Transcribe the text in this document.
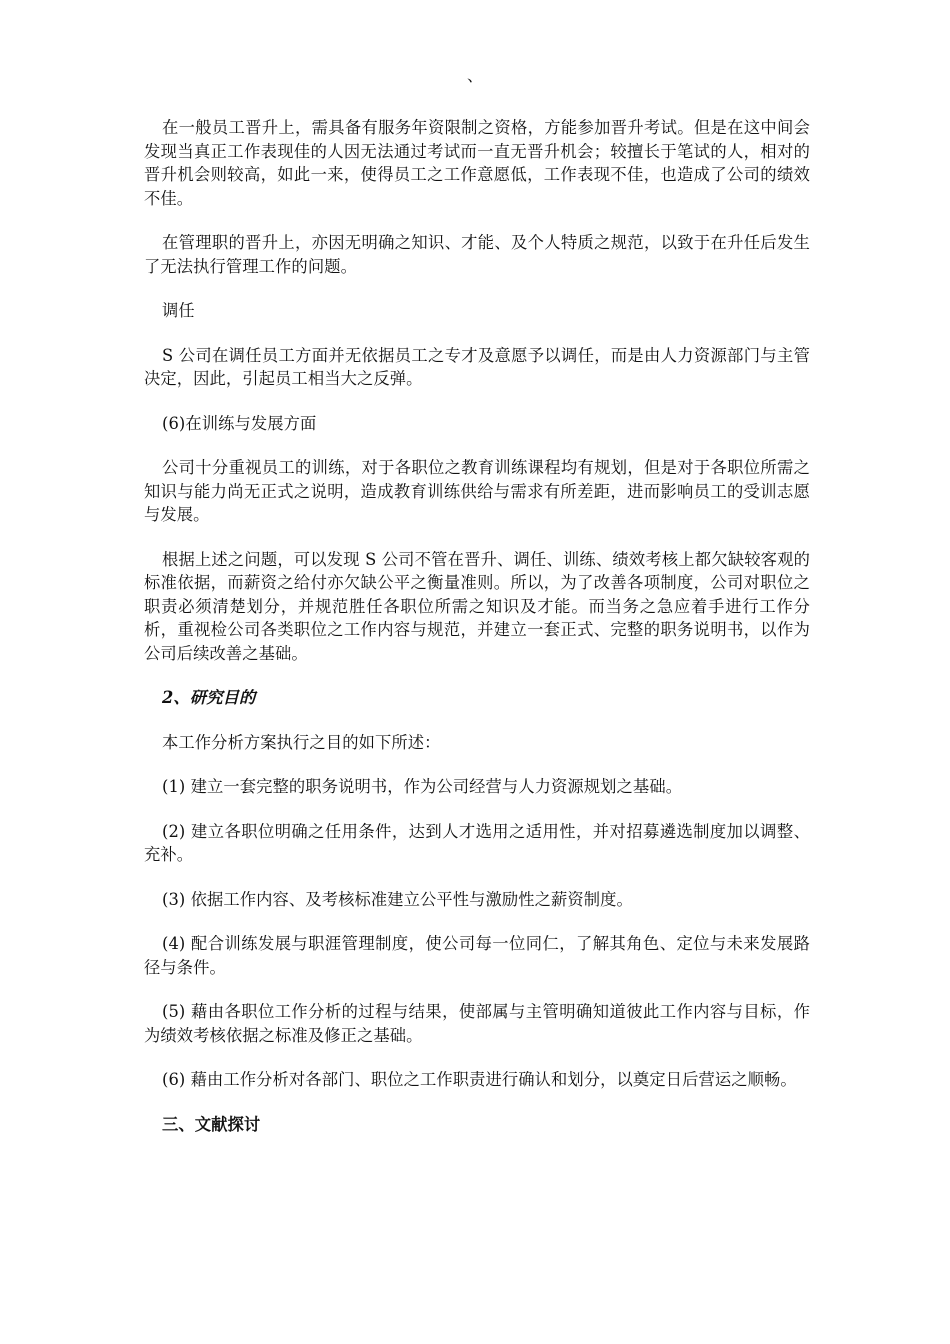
、

在一般员工晋升上，需具备有服务年资限制之资格，方能参加晋升考试。但是在这中间会发现当真正工作表现佳的人因无法通过考试而一直无晋升机会；较擅长于笔试的人，相对的晋升机会则较高，如此一来，使得员工之工作意愿低，工作表现不佳，也造成了公司的绩效不佳。

在管理职的晋升上，亦因无明确之知识、才能、及个人特质之规范，以致于在升任后发生了无法执行管理工作的问题。

调任

S 公司在调任员工方面并无依据员工之专才及意愿予以调任，而是由人力资源部门与主管决定，因此，引起员工相当大之反弹。

(6)在训练与发展方面

公司十分重视员工的训练，对于各职位之教育训练课程均有规划，但是对于各职位所需之知识与能力尚无正式之说明，造成教育训练供给与需求有所差距，进而影响员工的受训志愿与发展。

根据上述之问题，可以发现 S 公司不管在晋升、调任、训练、绩效考核上都欠缺较客观的标准依据，而薪资之给付亦欠缺公平之衡量准则。所以，为了改善各项制度，公司对职位之职责必须清楚划分，并规范胜任各职位所需之知识及才能。而当务之急应着手进行工作分析，重视检公司各类职位之工作内容与规范，并建立一套正式、完整的职务说明书，以作为公司后续改善之基础。

2、研究目的

本工作分析方案执行之目的如下所述：

(1) 建立一套完整的职务说明书，作为公司经营与人力资源规划之基础。

(2) 建立各职位明确之任用条件，达到人才选用之适用性，并对招募遴选制度加以调整、充补。

(3) 依据工作内容、及考核标准建立公平性与激励性之薪资制度。

(4) 配合训练发展与职涯管理制度，使公司每一位同仁，了解其角色、定位与未来发展路径与条件。

(5) 藉由各职位工作分析的过程与结果，使部属与主管明确知道彼此工作内容与目标，作为绩效考核依据之标准及修正之基础。

(6) 藉由工作分析对各部门、职位之工作职责进行确认和划分，以奠定日后营运之顺畅。

三、文献探讨
